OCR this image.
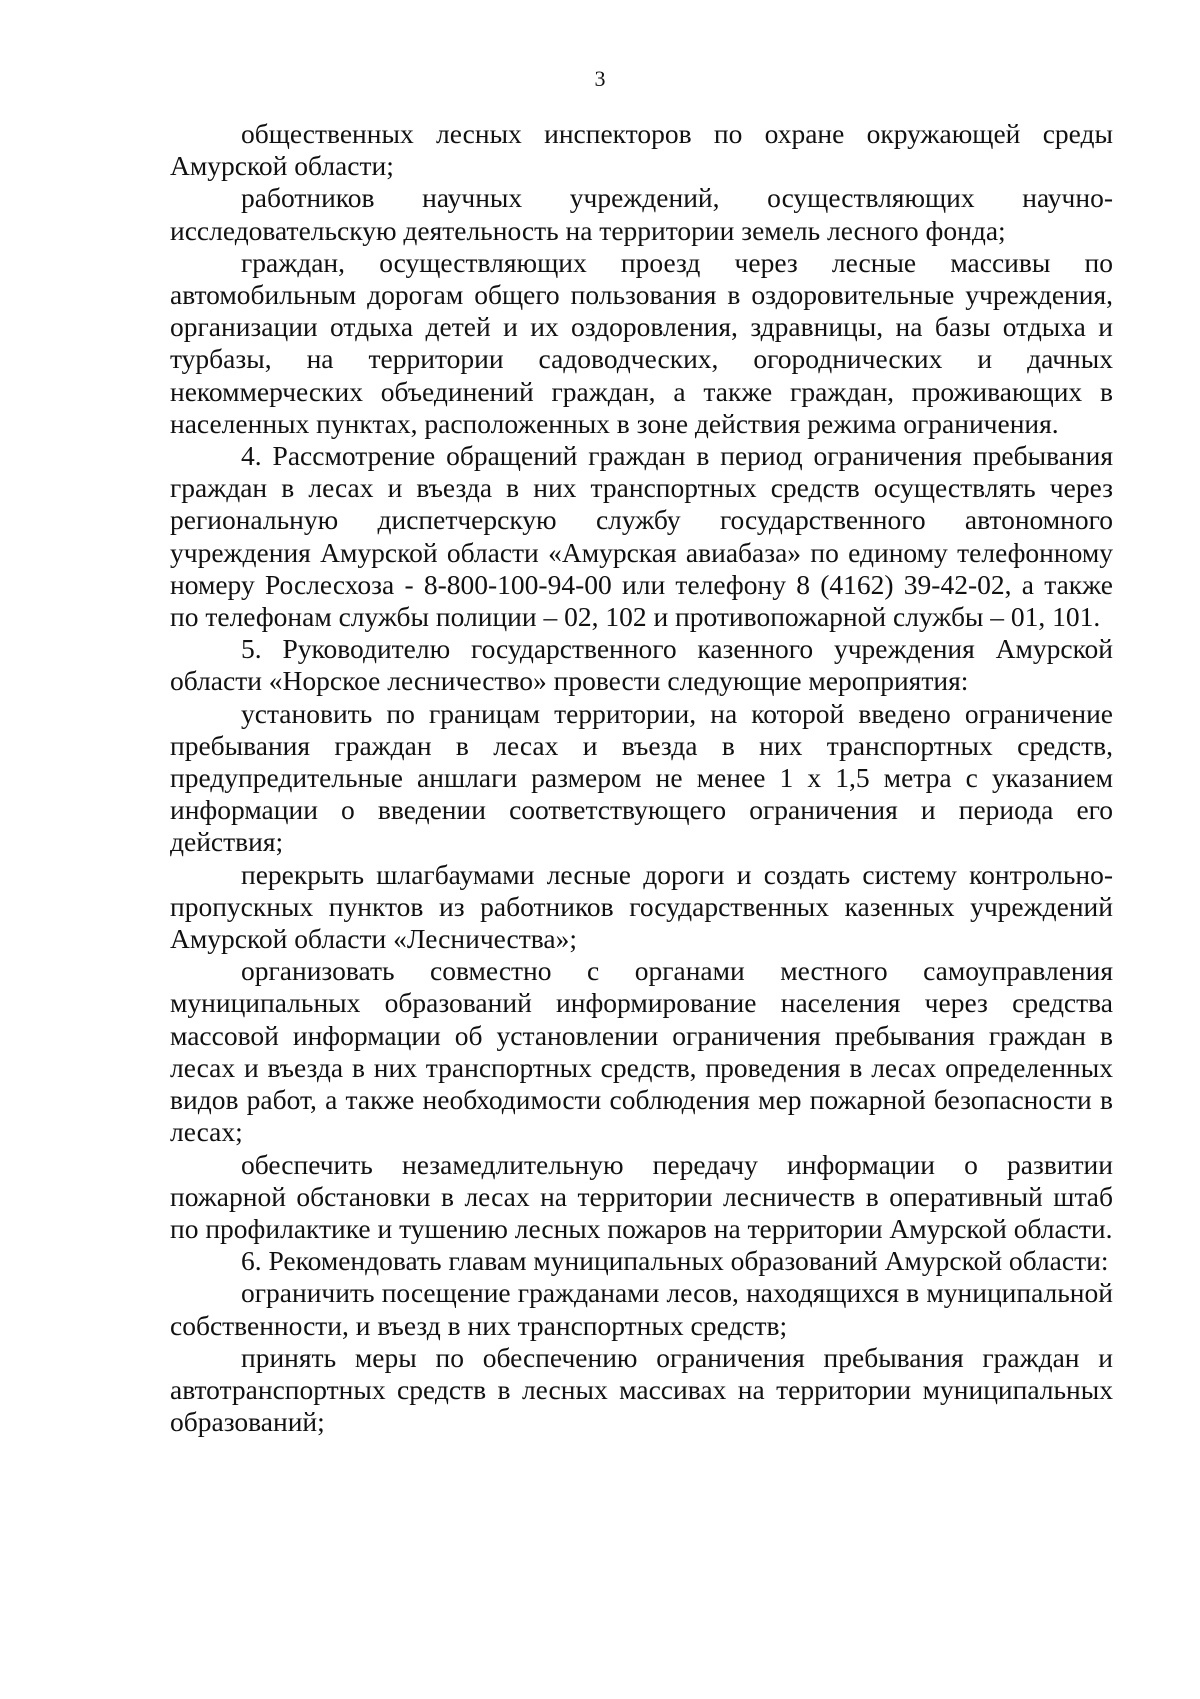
3

общественных лесных инспекторов по охране окружающей среды Амурской области;

работников научных учреждений, осуществляющих научно-исследовательскую деятельность на территории земель лесного фонда;

граждан, осуществляющих проезд через лесные массивы по автомобильным дорогам общего пользования в оздоровительные учреждения, организации отдыха детей и их оздоровления, здравницы, на базы отдыха и турбазы, на территории садоводческих, огороднических и дачных некоммерческих объединений граждан, а также граждан, проживающих в населенных пунктах, расположенных в зоне действия режима ограничения.

4. Рассмотрение обращений граждан в период ограничения пребывания граждан в лесах и въезда в них транспортных средств осуществлять через региональную диспетчерскую службу государственного автономного учреждения Амурской области «Амурская авиабаза» по единому телефонному номеру Рослесхоза - 8-800-100-94-00 или телефону 8 (4162) 39-42-02, а также по телефонам службы полиции – 02, 102 и противопожарной службы – 01, 101.

5. Руководителю государственного казенного учреждения Амурской области «Норское лесничество» провести следующие мероприятия:

установить по границам территории, на которой введено ограничение пребывания граждан в лесах и въезда в них транспортных средств, предупредительные аншлаги размером не менее 1 х 1,5 метра с указанием информации о введении соответствующего ограничения и периода его действия;

перекрыть шлагбаумами лесные дороги и создать систему контрольно-пропускных пунктов из работников государственных казенных учреждений Амурской области «Лесничества»;

организовать совместно с органами местного самоуправления муниципальных образований информирование населения через средства массовой информации об установлении ограничения пребывания граждан в лесах и въезда в них транспортных средств, проведения в лесах определенных видов работ, а также необходимости соблюдения мер пожарной безопасности в лесах;

обеспечить незамедлительную передачу информации о развитии пожарной обстановки в лесах на территории лесничеств в оперативный штаб по профилактике и тушению лесных пожаров на территории Амурской области.

6. Рекомендовать главам муниципальных образований Амурской области:

ограничить посещение гражданами лесов, находящихся в муниципальной собственности, и въезд в них транспортных средств;

принять меры по обеспечению ограничения пребывания граждан и автотранспортных средств в лесных массивах на территории муниципальных образований;
